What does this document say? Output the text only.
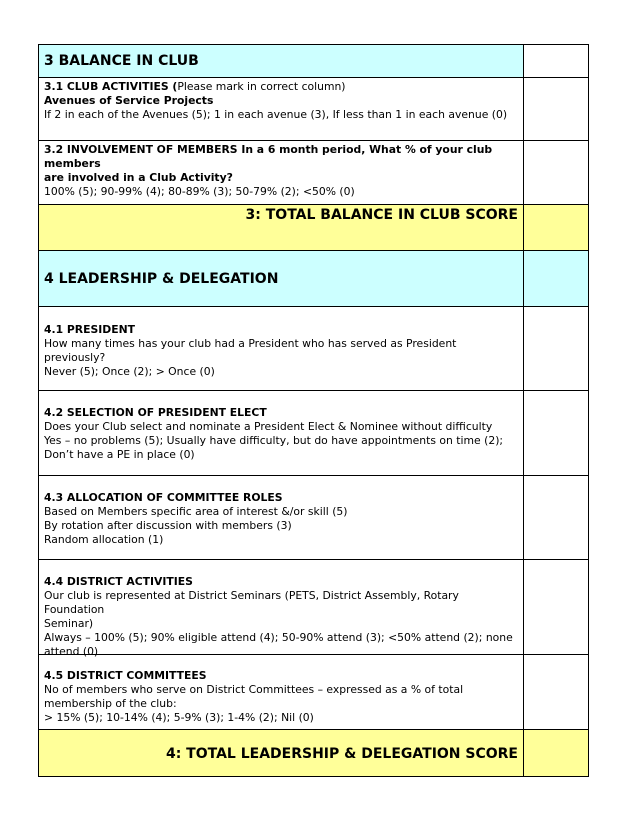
3 BALANCE IN CLUB
3.1 CLUB ACTIVITIES (Please mark in correct column)
Avenues of Service Projects
If 2 in each of the Avenues (5); 1 in each avenue (3), If less than 1 in each avenue (0)
3.2 INVOLVEMENT OF MEMBERS In a 6 month period, What % of your club members
are involved in a Club Activity?
100% (5); 90-99% (4); 80-89% (3); 50-79% (2); <50% (0)
3: TOTAL BALANCE IN CLUB SCORE
4 LEADERSHIP & DELEGATION
4.1 PRESIDENT
How many times has your club had a President who has served as President
previously?
Never (5); Once (2); > Once (0)
4.2 SELECTION OF PRESIDENT ELECT
Does your Club select and nominate a President Elect & Nominee without difficulty
Yes – no problems (5); Usually have difficulty, but do have appointments on time (2);
Don’t have a PE in place (0)
4.3 ALLOCATION OF COMMITTEE ROLES
Based on Members specific area of interest &/or skill (5)
By rotation after discussion with members (3)
Random allocation (1)
4.4 DISTRICT ACTIVITIES
Our club is represented at District Seminars (PETS, District Assembly, Rotary Foundation
Seminar)
Always – 100% (5); 90% eligible attend (4); 50-90% attend (3); <50% attend (2); none
attend (0)
4.5 DISTRICT COMMITTEES
No of members who serve on District Committees – expressed as a % of total
membership of the club:
> 15% (5); 10-14% (4); 5-9% (3); 1-4% (2); Nil (0)
4: TOTAL LEADERSHIP & DELEGATION SCORE
